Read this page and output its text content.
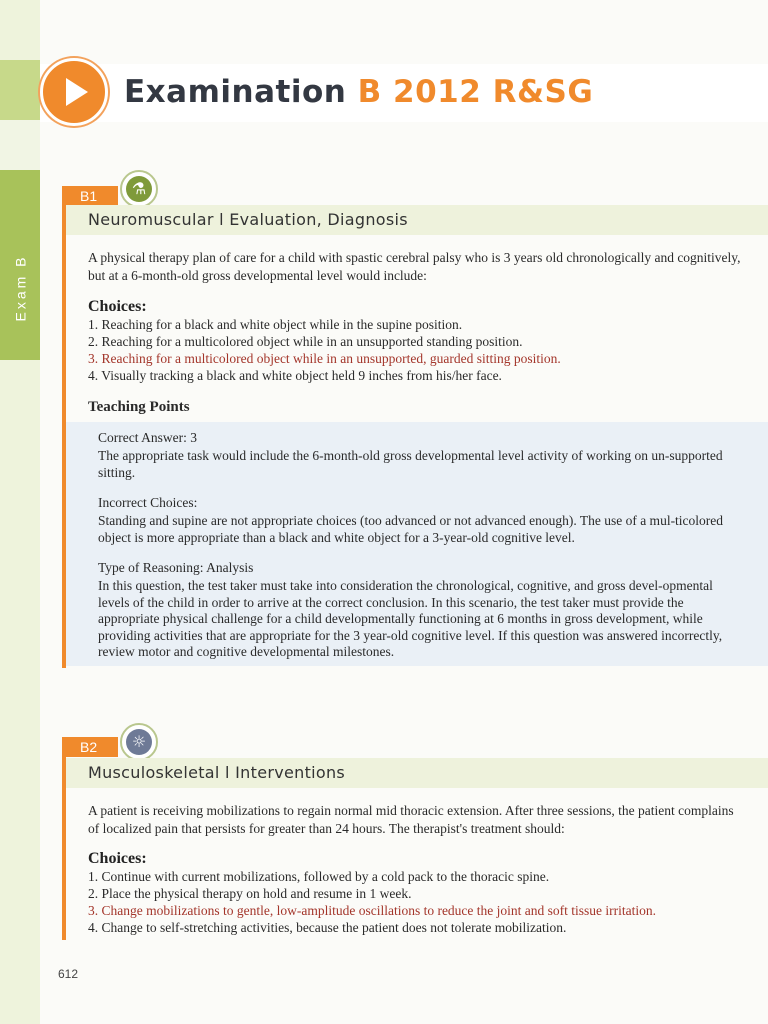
Exam B
Examination B 2012 R&SG
B1	⚗
Neuromuscular l Evaluation, Diagnosis
A physical therapy plan of care for a child with spastic cerebral palsy who is 3 years old chronologically and cognitively, but at a 6-month-old gross developmental level would include:
Choices:
1. Reaching for a black and white object while in the supine position.
2. Reaching for a multicolored object while in an unsupported standing position.
3. Reaching for a multicolored object while in an unsupported, guarded sitting position.
4. Visually tracking a black and white object held 9 inches from his/her face.
Teaching Points
Correct Answer: 3
The appropriate task would include the 6-month-old gross developmental level activity of working on un-supported sitting.
Incorrect Choices:
Standing and supine are not appropriate choices (too advanced or not advanced enough). The use of a mul-ticolored object is more appropriate than a black and white object for a 3-year-old cognitive level.
Type of Reasoning: Analysis
In this question, the test taker must take into consideration the chronological, cognitive, and gross devel-opmental levels of the child in order to arrive at the correct conclusion. In this scenario, the test taker must provide the appropriate physical challenge for a child developmentally functioning at 6 months in gross development, while providing activities that are appropriate for the 3 year-old cognitive level. If this question was answered incorrectly, review motor and cognitive developmental milestones.
B2	☼
Musculoskeletal l Interventions
A patient is receiving mobilizations to regain normal mid thoracic extension. After three sessions, the patient complains of localized pain that persists for greater than 24 hours. The therapist's treatment should:
Choices:
1. Continue with current mobilizations, followed by a cold pack to the thoracic spine.
2. Place the physical therapy on hold and resume in 1 week.
3. Change mobilizations to gentle, low-amplitude oscillations to reduce the joint and soft tissue irritation.
4. Change to self-stretching activities, because the patient does not tolerate mobilization.
612
